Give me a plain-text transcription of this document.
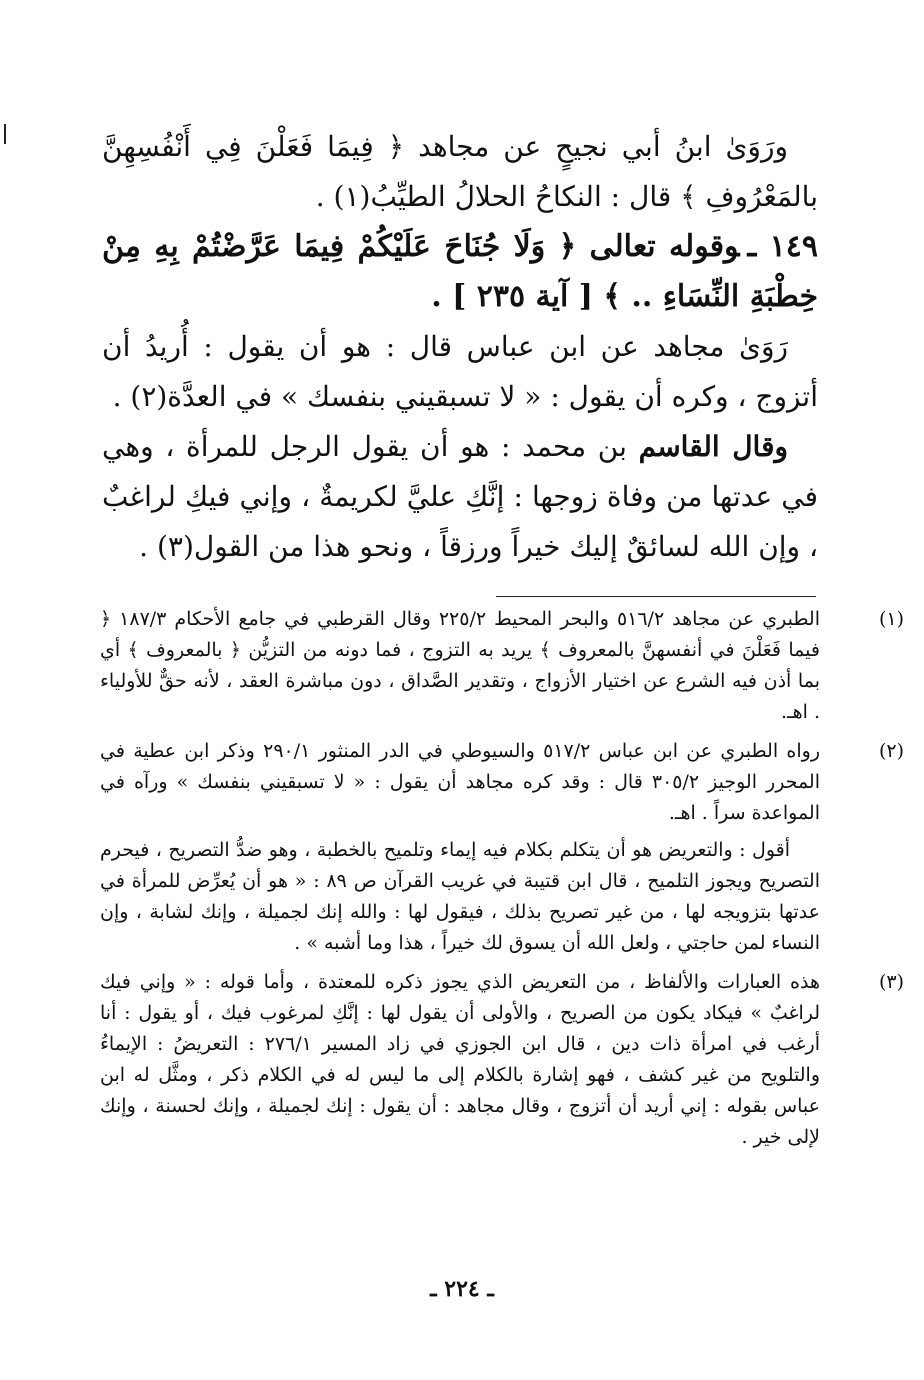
ورَوَىٰ ابنُ أبي نجيحٍ عن مجاهد ﴿ فِيمَا فَعَلْنَ فِي أَنْفُسِهِنَّ بالمَعْرُوفِ ﴾ قال : النكاحُ الحلالُ الطيِّبُ(١) .

١٤٩ ـوقوله تعالى ﴿ وَلَا جُنَاحَ عَلَيْكُمْ فِيمَا عَرَّضْتُمْ بِهِ مِنْ خِطْبَةِ النِّسَاءِ .. ﴾ [ آية ٢٣٥ ] .

رَوَىٰ مجاهد عن ابن عباس قال : هو أن يقول : أُريدُ أن أتزوج ، وكره أن يقول : « لا تسبقيني بنفسك » في العدَّة(٢) .

وقال القاسم بن محمد : هو أن يقول الرجل للمرأة ، وهي في عدتها من وفاة زوجها : إنَّكِ عليَّ لكريمةٌ ، وإني فيكِ لراغبٌ ، وإن الله لسائقٌ إليك خيراً ورزقاً ، ونحو هذا من القول(٣) .

(١)

الطبري عن مجاهد ٥١٦/٢ والبحر المحيط ٢٢٥/٢ وقال القرطبي في جامع الأحكام ١٨٧/٣ ﴿ فيما فَعَلْنَ في أنفسهنَّ بالمعروف ﴾ يريد به التزوج ، فما دونه من التزيُّن ﴿ بالمعروف ﴾ أي بما أذن فيه الشرع عن اختيار الأزواج ، وتقدير الصَّداق ، دون مباشرة العقد ، لأنه حقٌّ للأولياء . اهـ.

(٢)

رواه الطبري عن ابن عباس ٥١٧/٢ والسيوطي في الدر المنثور ٢٩٠/١ وذكر ابن عطية في المحرر الوجيز ٣٠٥/٢ قال : وقد كره مجاهد أن يقول : « لا تسبقيني بنفسك » ورآه في المواعدة سراً . اهـ.

أقول : والتعريض هو أن يتكلم بكلام فيه إيماء وتلميح بالخطبة ، وهو ضدُّ التصريح ، فيحرم التصريح ويجوز التلميح ، قال ابن قتيبة في غريب القرآن ص ٨٩ : « هو أن يُعرِّض للمرأة في عدتها بتزويجه لها ، من غير تصريح بذلك ، فيقول لها : والله إنك لجميلة ، وإنك لشابة ، وإن النساء لمن حاجتي ، ولعل الله أن يسوق لك خيراً ، هذا وما أشبه » .

(٣)

هذه العبارات والألفاظ ، من التعريض الذي يجوز ذكره للمعتدة ، وأما قوله : « وإني فيك لراغبٌ » فيكاد يكون من الصريح ، والأولى أن يقول لها : إنَّكِ لمرغوب فيك ، أو يقول : أنا أرغب في امرأة ذات دين ، قال ابن الجوزي في زاد المسير ٢٧٦/١ : التعريضُ : الإيماءُ والتلويح من غير كشف ، فهو إشارة بالكلام إلى ما ليس له في الكلام ذكر ، ومثَّل له ابن عباس بقوله : إني أريد أن أتزوج ، وقال مجاهد : أن يقول : إنك لجميلة ، وإنك لحسنة ، وإنك لإلى خير .

ـ ٢٢٤ ـ
